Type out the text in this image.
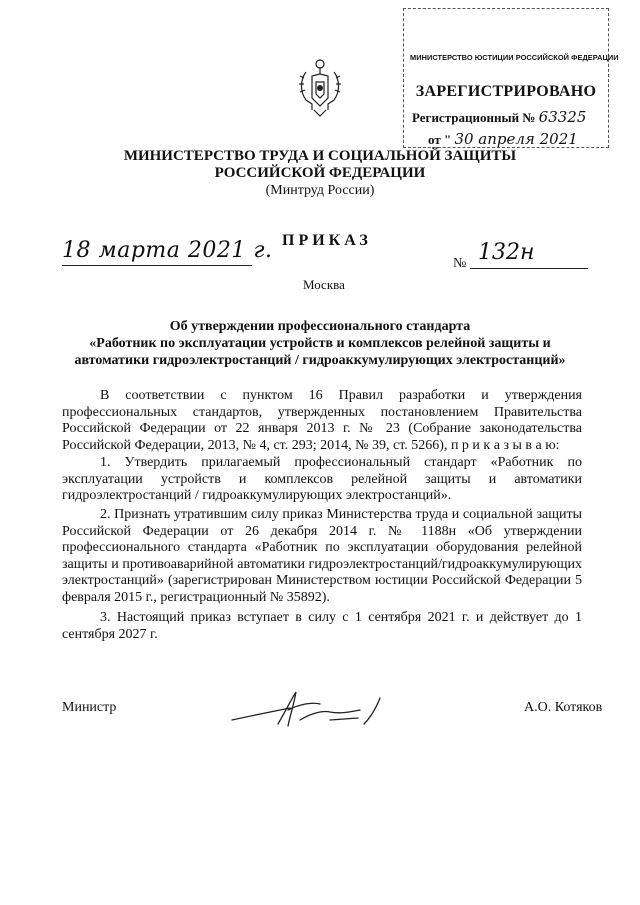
МИНИСТЕРСТВО ЮСТИЦИИ РОССИЙСКОЙ ФЕДЕРАЦИИ
ЗАРЕГИСТРИРОВАНО
Регистрационный № 63325
от " 30 апреля 2021
МИНИСТЕРСТВО ТРУДА И СОЦИАЛЬНОЙ ЗАЩИТЫ
РОССИЙСКОЙ ФЕДЕРАЦИИ
(Минтруд России)
18 марта 2021 г. ПРИКАЗ
№ 132н
Москва
Об утверждении профессионального стандарта
«Работник по эксплуатации устройств и комплексов релейной защиты и
автоматики гидроэлектростанций / гидроаккумулирующих электростанций»
В соответствии с пунктом 16 Правил разработки и утверждения профессиональных стандартов, утвержденных постановлением Правительства Российской Федерации от 22 января 2013 г. № 23 (Собрание законодательства Российской Федерации, 2013, № 4, ст. 293; 2014, № 39, ст. 5266), п р и к а з ы в а ю:
1. Утвердить прилагаемый профессиональный стандарт «Работник по эксплуатации устройств и комплексов релейной защиты и автоматики гидроэлектростанций / гидроаккумулирующих электростанций».
2. Признать утратившим силу приказ Министерства труда и социальной защиты Российской Федерации от 26 декабря 2014 г. № 1188н «Об утверждении профессионального стандарта «Работник по эксплуатации оборудования релейной защиты и противоаварийной автоматики гидроэлектростанций/гидроаккумулирующих электростанций» (зарегистрирован Министерством юстиции Российской Федерации 5 февраля 2015 г., регистрационный № 35892).
3. Настоящий приказ вступает в силу с 1 сентября 2021 г. и действует до 1 сентября 2027 г.
Министр	А.О. Котяков
